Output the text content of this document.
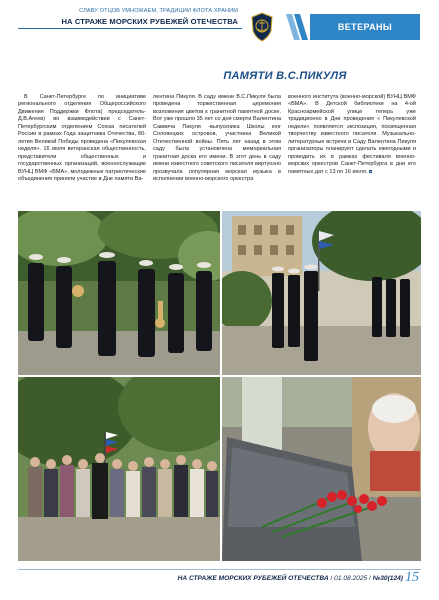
СЛАВУ ОТЦОВ УМНОЖАЕМ, ТРАДИЦИИ ФЛОТА ХРАНИМ
НА СТРАЖЕ МОРСКИХ РУБЕЖЕЙ ОТЕЧЕСТВА
ВЕТЕРАНЫ
ПАМЯТИ В.С.ПИКУЛЯ

В Санкт-Петербурге по инициативе регионального отделения Общероссийского Движения Поддержки Флота( председатель- Д.В.Агеев) во взаимодействии с Санкт-Петербургским отделением Союза писателей России в рамках Года защитника Отечества, 80-летия Великой Победы проведена «Пикулевская неделя». 16 июля ветеранская общественность, представители общественных и государственных организаций, военнослужащие ВУНЦ ВМФ «ВМА», молодежные патриотические объединения приняли участие в Дне памяти Ва-

лентина Пикуля. В саду имени В.С.Пикуля была проведена торжественная церемония возложения цветов к гранитной памятной доске. Вот уже прошло 35 лет со дня смерти Валентина Саввича Пикуля -выпускника Школы юнг Соловецких островов, участника Великой Отечественной войны. Пять лет назад в этом саду была установлена мемориальная гранитная доска его имени. В этот день в саду имени известного советского писателя виртуозно прозвучала популярная морская музыка в исполнении военно-морского оркестра

военного института (военно-морской) ВУНЦ ВМФ «ВМА». В Детской библиотеке на 4-ой Красноармейской улице теперь уже традиционно в Дни проведения « Пикулевской недели» появляется экспозиция, посвященная творчеству известного писателя. Музыкально-литературные встречи в Саду Валентина Пикуля организаторы планируют сделать ежегодными и проводить их в рамках фестиваля военно-морских оркестров Санкт-Петербурга в дни его памятных дат с 13 по 16 июля.

НА СТРАЖЕ МОРСКИХ РУБЕЖЕЙ ОТЕЧЕСТВА / 01.08.2025 / №30(124) 15
